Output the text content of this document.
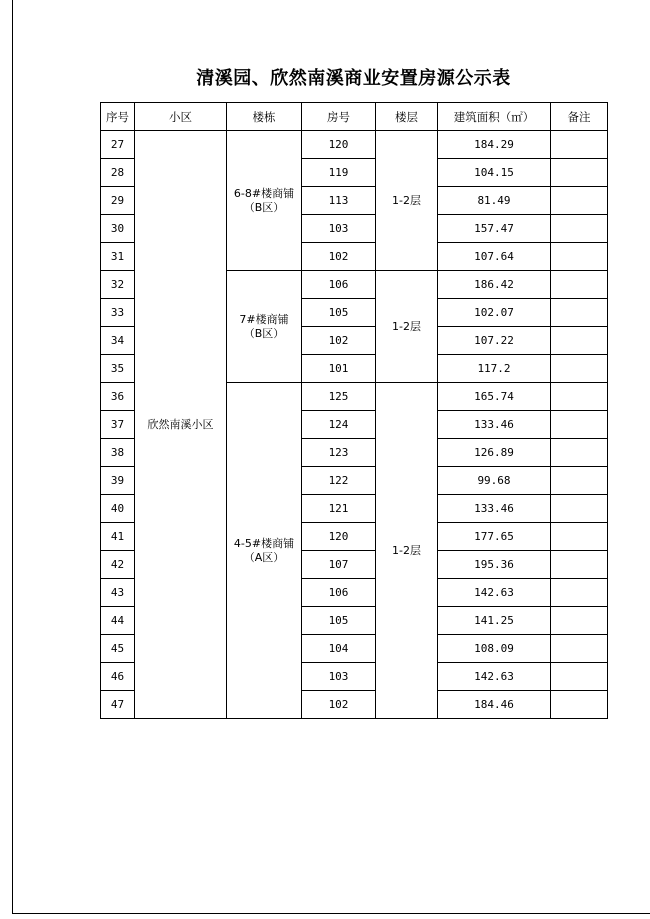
清溪园、欣然南溪商业安置房源公示表
序号	小区	楼栋	房号	楼层	建筑面积（㎡）	备注
27	欣然南溪小区	6-8#楼商铺
（B区）	120	1-2层	184.29	
28			119		104.15	
29			113		81.49	
30			103		157.47	
31			102		107.64	
32		7#楼商铺
（B区）	106	1-2层	186.42	
33			105		102.07	
34			102		107.22	
35			101		117.2	
36		4-5#楼商铺
（A区）	125	1-2层	165.74	
37			124		133.46	
38			123		126.89	
39			122		99.68	
40			121		133.46	
41			120		177.65	
42			107		195.36	
43			106		142.63	
44			105		141.25	
45			104		108.09	
46			103		142.63	
47			102		184.46	
